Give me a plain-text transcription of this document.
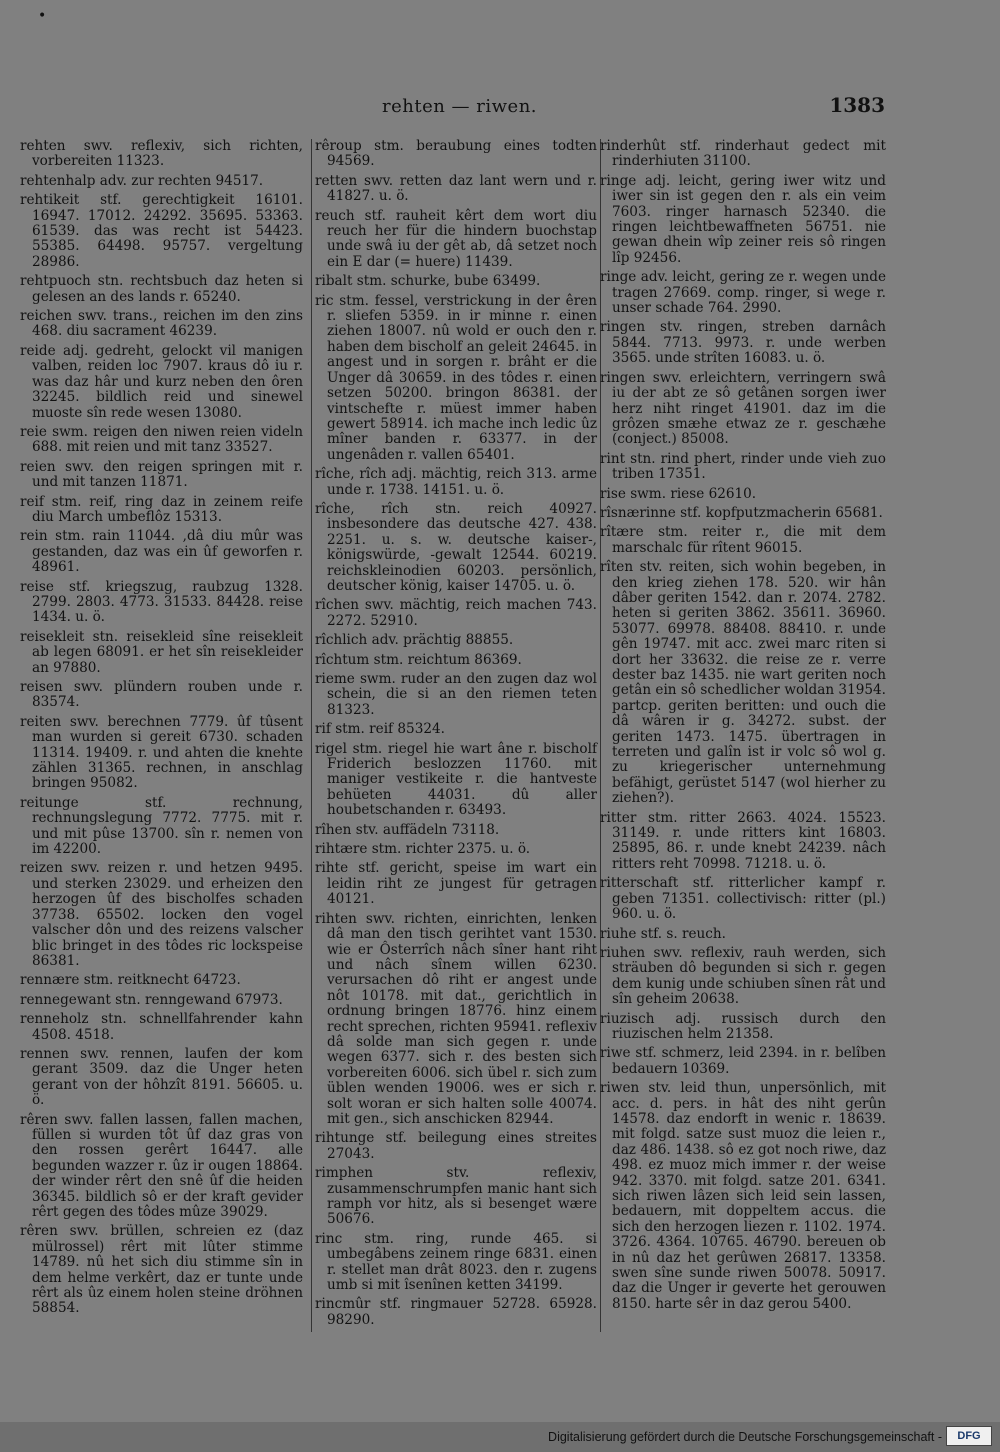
•
rehten — riwen.	1383
rehten swv. reflexiv, sich richten, vorbereiten 11323.
rehtenhalp adv. zur rechten 94517.
rehtikeit stf. gerechtigkeit 16101. 16947. 17012. 24292. 35695. 53363. 61539. das was recht ist 54423. 55385. 64498. 95757. vergeltung 28986.
rehtpuoch stn. rechtsbuch daz heten si gelesen an des lands r. 65240.
reichen swv. trans., reichen im den zins 468. diu sacrament 46239.
reide adj. gedreht, gelockt vil manigen valben, reiden loc 7907. kraus dô iu r. was daz hâr und kurz neben den ôren 32245. bildlich reid und sinewel muoste sîn rede wesen 13080.
reie swm. reigen den niwen reien videln 688. mit reien und mit tanz 33527.
reien swv. den reigen springen mit r. und mit tanzen 11871.
reif stm. reif, ring daz in zeinem reife diu March umbeflôz 15313.
rein stm. rain 11044. ,dâ diu mûr was gestanden, daz was ein ûf geworfen r. 48961.
reise stf. kriegszug, raubzug 1328. 2799. 2803. 4773. 31533. 84428. reise 1434. u. ö.
reisekleit stn. reisekleid sîne reisekleit ab legen 68091. er het sîn reisekleider an 97880.
reisen swv. plündern rouben unde r. 83574.
reiten swv. berechnen 7779. ûf tûsent man wurden si gereit 6730. schaden 11314. 19409. r. und ahten die knehte zählen 31365. rechnen, in anschlag bringen 95082.
reitunge stf. rechnung, rechnungslegung 7772. 7775. mit r. und mit pûse 13700. sîn r. nemen von im 42200.
reizen swv. reizen r. und hetzen 9495. und sterken 23029. und erheizen den herzogen ûf des bischolfes schaden 37738. 65502. locken den vogel valscher dôn und des reizens valscher blic bringet in des tôdes ric lockspeise 86381.
rennære stm. reitknecht 64723.
rennegewant stn. renngewand 67973.
renneholz stn. schnellfahrender kahn 4508. 4518.
rennen swv. rennen, laufen der kom gerant 3509. daz die Unger heten gerant von der hôhzît 8191. 56605. u. ö.
rêren swv. fallen lassen, fallen machen, füllen si wurden tôt ûf daz gras von den rossen gerêrt 16447. alle begunden wazzer r. ûz ir ougen 18864. der winder rêrt den snê ûf die heiden 36345. bildlich sô er der kraft gevider rêrt gegen des tôdes mûze 39029.
rêren swv. brüllen, schreien ez (daz mülrossel) rêrt mit lûter stimme 14789. nû het sich diu stimme sîn in dem helme verkêrt, daz er tunte unde rêrt als ûz einem holen steine dröhnen 58854.
rêroup stm. beraubung eines todten 94569.
retten swv. retten daz lant wern und r. 41827. u. ö.
reuch stf. rauheit kêrt dem wort diu reuch her für die hindern buochstap unde swâ iu der gêt ab, dâ setzet noch ein E dar (= huere) 11439.
ribalt stm. schurke, bube 63499.
ric stm. fessel, verstrickung in der êren r. sliefen 5359. in ir minne r. einen ziehen 18007. nû wold er ouch den r. haben dem bischolf an geleit 24645. in angest und in sorgen r. brâht er die Unger dâ 30659. in des tôdes r. einen setzen 50200. bringon 86381. der vintschefte r. müest immer haben gewert 58914. ich mache inch ledic ûz mîner banden r. 63377. in der ungenâden r. vallen 65401.
rîche, rîch adj. mächtig, reich 313. arme unde r. 1738. 14151. u. ö.
rîche, rîch stn. reich 40927. insbesondere das deutsche 427. 438. 2251. u. s. w. deutsche kaiser-, königswürde, -gewalt 12544. 60219. reichskleinodien 60203. persönlich, deutscher könig, kaiser 14705. u. ö.
rîchen swv. mächtig, reich machen 743. 2272. 52910.
rîchlich adv. prächtig 88855.
rîchtum stm. reichtum 86369.
rieme swm. ruder an den zugen daz wol schein, die si an den riemen teten 81323.
rif stm. reif 85324.
rigel stm. riegel hie wart âne r. bischolf Friderich beslozzen 11760. mit maniger vestikeite r. die hantveste behüeten 44031. dû aller houbetschanden r. 63493.
rîhen stv. auffädeln 73118.
rihtære stm. richter 2375. u. ö.
rihte stf. gericht, speise im wart ein leidin riht ze jungest für getragen 40121.
rihten swv. richten, einrichten, lenken dâ man den tisch gerihtet vant 1530. wie er Ôsterrîch nâch sîner hant riht und nâch sînem willen 6230. verursachen dô riht er angest unde nôt 10178. mit dat., gerichtlich in ordnung bringen 18776. hinz einem recht sprechen, richten 95941. reflexiv dâ solde man sich gegen r. unde wegen 6377. sich r. des besten sich vorbereiten 6006. sich übel r. sich zum üblen wenden 19006. wes er sich r. solt woran er sich halten solle 40074. mit gen., sich anschicken 82944.
rihtunge stf. beilegung eines streites 27043.
rimphen stv. reflexiv, zusammenschrumpfen manic hant sich ramph vor hitz, als si besenget wære 50676.
rinc stm. ring, runde 465. si umbegâbens zeinem ringe 6831. einen r. stellet man drât 8023. den r. zugens umb si mit îsenînen ketten 34199.
rincmûr stf. ringmauer 52728. 65928. 98290.
rinderhût stf. rinderhaut gedect mit rinderhiuten 31100.
ringe adj. leicht, gering iwer witz und iwer sin ist gegen den r. als ein veim 7603. ringer harnasch 52340. die ringen leichtbewaffneten 56751. nie gewan dhein wîp zeiner reis sô ringen lîp 92456.
ringe adv. leicht, gering ze r. wegen unde tragen 27669. comp. ringer, si wege r. unser schade 764. 2990.
ringen stv. ringen, streben darnâch 5844. 7713. 9973. r. unde werben 3565. unde strîten 16083. u. ö.
ringen swv. erleichtern, verringern swâ iu der abt ze sô getânen sorgen iwer herz niht ringet 41901. daz im die grôzen smæhe etwaz ze r. geschæhe (conject.) 85008.
rint stn. rind phert, rinder unde vieh zuo triben 17351.
rise swm. riese 62610.
rîsnærinne stf. kopfputzmacherin 65681.
rîtære stm. reiter r., die mit dem marschalc für rîtent 96015.
rîten stv. reiten, sich wohin begeben, in den krieg ziehen 178. 520. wir hân dâber geriten 1542. dan r. 2074. 2782. heten si geriten 3862. 35611. 36960. 53077. 69978. 88408. 88410. r. unde gên 19747. mit acc. zwei marc riten si dort her 33632. die reise ze r. verre dester baz 1435. nie wart geriten noch getân ein sô schedlicher woldan 31954. partcp. geriten beritten: und ouch die dâ wâren ir g. 34272. subst. der geriten 1473. 1475. übertragen in terreten und galîn ist ir volc sô wol g. zu kriegerischer unternehmung befähigt, gerüstet 5147 (wol hierher zu ziehen?).
ritter stm. ritter 2663. 4024. 15523. 31149. r. unde ritters kint 16803. 25895, 86. r. unde knebt 24239. nâch ritters reht 70998. 71218. u. ö.
ritterschaft stf. ritterlicher kampf r. geben 71351. collectivisch: ritter (pl.) 960. u. ö.
riuhe stf. s. reuch.
riuhen swv. reflexiv, rauh werden, sich sträuben dô begunden si sich r. gegen dem kunig unde schiuben sînen rât und sîn geheim 20638.
riuzisch adj. russisch durch den riuzischen helm 21358.
riwe stf. schmerz, leid 2394. in r. belîben bedauern 10369.
riwen stv. leid thun, unpersönlich, mit acc. d. pers. in hât des niht gerûn 14578. daz endorft in wenic r. 18639. mit folgd. satze sust muoz die leien r., daz 486. 1438. sô ez got noch riwe, daz 498. ez muoz mich immer r. der weise 942. 3370. mit folgd. satze 201. 6341. sich riwen lâzen sich leid sein lassen, bedauern, mit doppeltem accus. die sich den herzogen liezen r. 1102. 1974. 3726. 4364. 10765. 46790. bereuen ob in nû daz het gerûwen 26817. 13358. swen sîne sunde riwen 50078. 50917. daz die Unger ir geverte het gerouwen 8150. harte sêr in daz gerou 5400.
Digitalisierung gefördert durch die Deutsche Forschungsgemeinschaft -	DFG
